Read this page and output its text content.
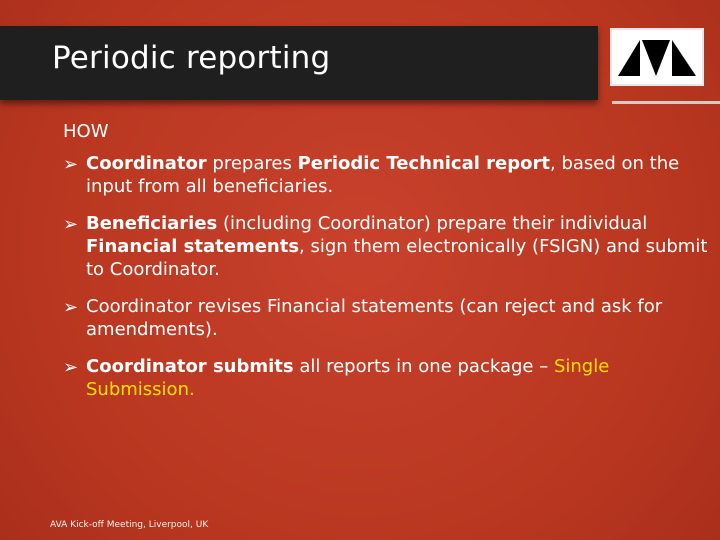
Periodic reporting
HOW
➢ Coordinator prepares Periodic Technical report, based on the input from all beneficiaries.
➢ Beneficiaries (including Coordinator) prepare their individual Financial statements, sign them electronically (FSIGN) and submit to Coordinator.
➢ Coordinator revises Financial statements (can reject and ask for amendments).
➢ Coordinator submits all reports in one package – Single Submission.
AVA Kick-off Meeting, Liverpool, UK
